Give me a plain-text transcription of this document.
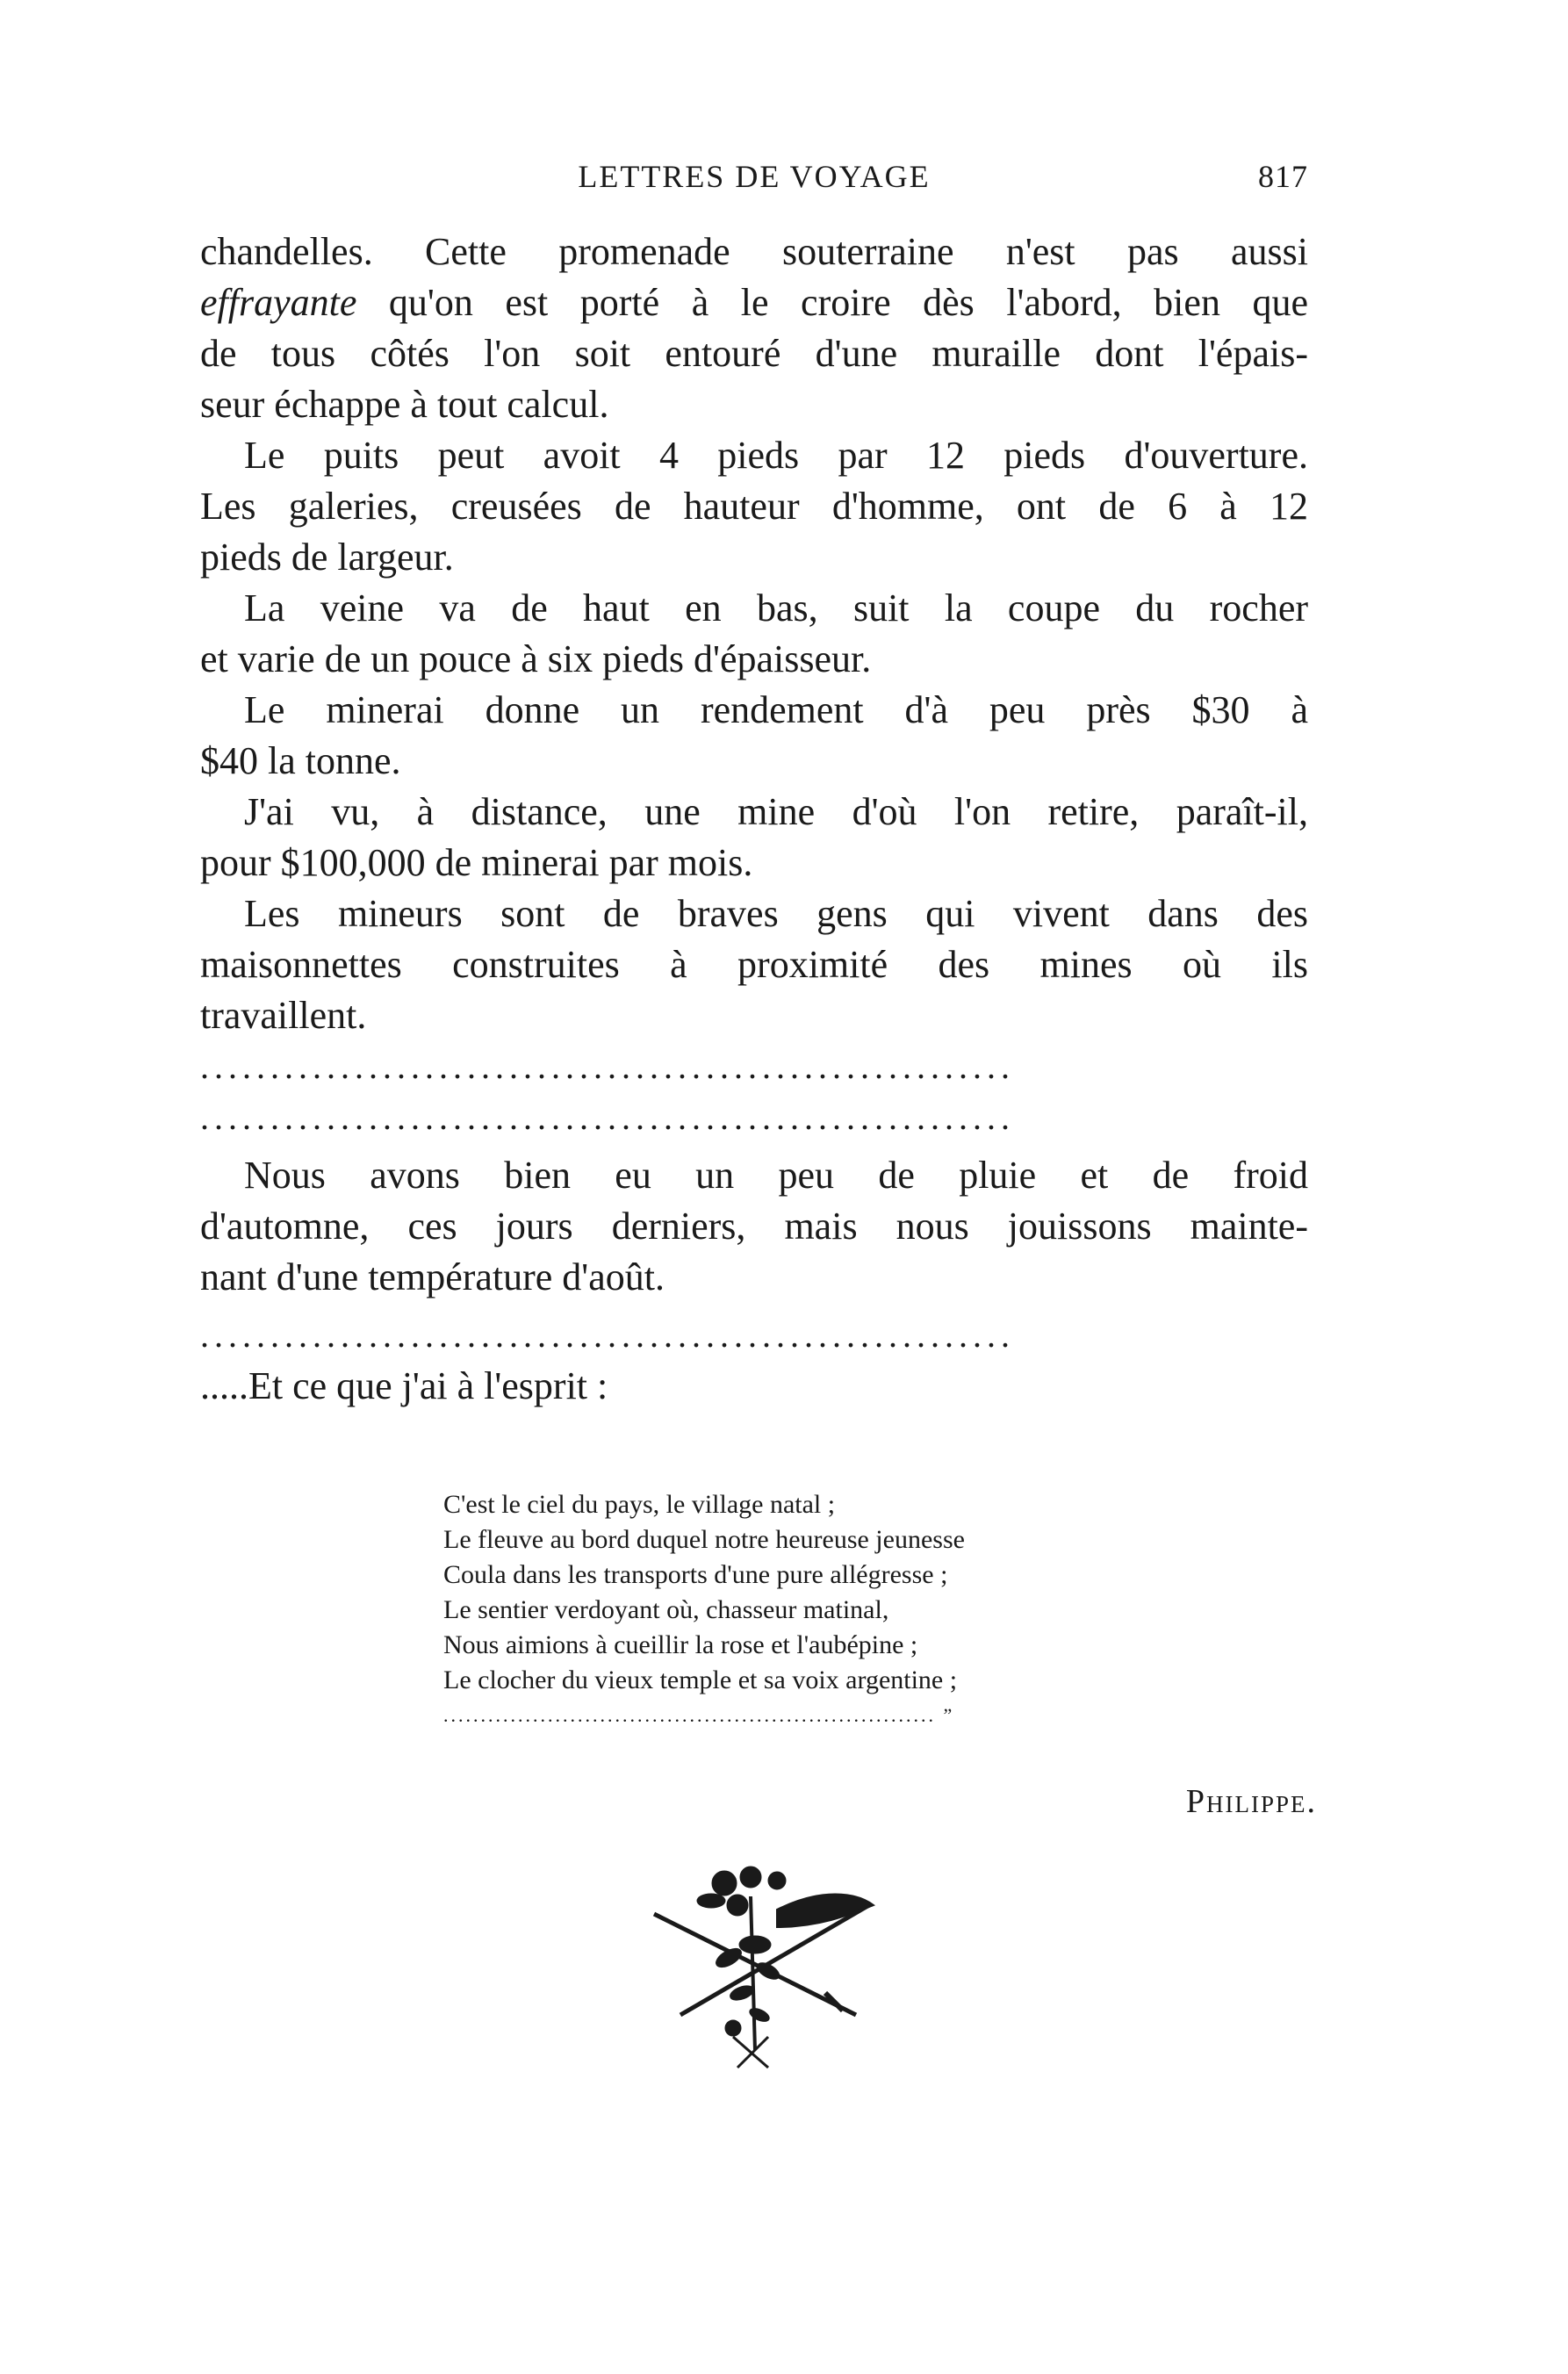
LETTRES DE VOYAGE	817
chandelles. Cette promenade souterraine n'est pas aussi
effrayante qu'on est porté à le croire dès l'abord, bien que
de tous côtés l'on soit entouré d'une muraille dont l'épais-
seur échappe à tout calcul.
Le puits peut avoit 4 pieds par 12 pieds d'ouverture.
Les galeries, creusées de hauteur d'homme, ont de 6 à 12
pieds de largeur.
La veine va de haut en bas, suit la coupe du rocher
et varie de un pouce à six pieds d'épaisseur.
Le minerai donne un rendement d'à peu près $30 à
$40 la tonne.
J'ai vu, à distance, une mine d'où l'on retire, paraît-il,
pour $100,000 de minerai par mois.
Les mineurs sont de braves gens qui vivent dans des
maisonnettes construites à proximité des mines où ils
travaillent.
..........................................................
..........................................................
Nous avons bien eu un peu de pluie et de froid
d'automne, ces jours derniers, mais nous jouissons mainte-
nant d'une température d'août.
..........................................................
.....Et ce que j'ai à l'esprit :
C'est le ciel du pays, le village natal ;
Le fleuve au bord duquel notre heureuse jeunesse
Coula dans les transports d'une pure allégresse ;
Le sentier verdoyant où, chasseur matinal,
Nous aimions à cueillir la rose et l'aubépine ;
Le clocher du vieux temple et sa voix argentine ;
.................................................................. ”
Philippe.
